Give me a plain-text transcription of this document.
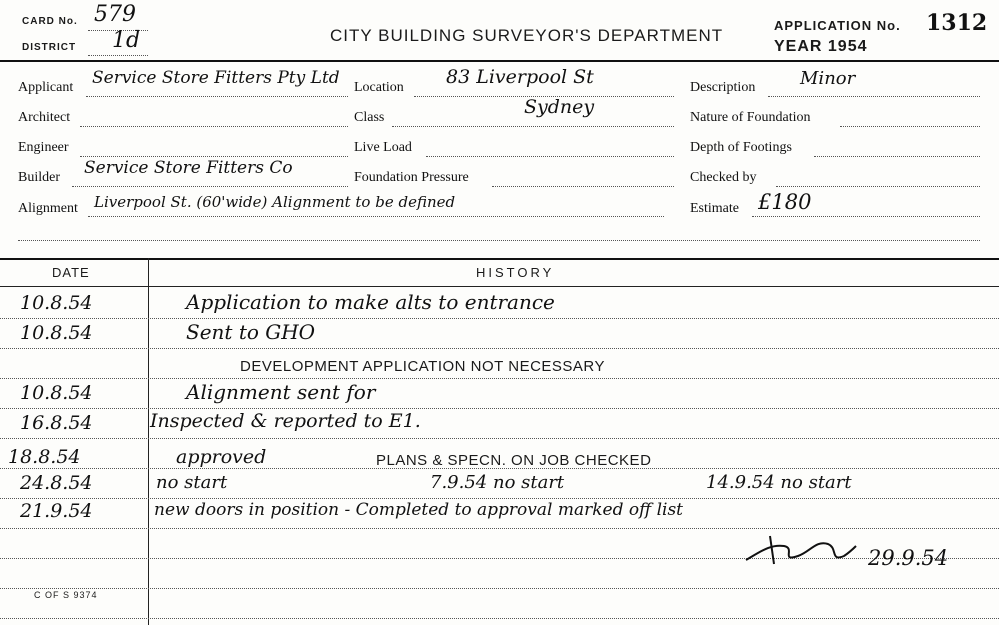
CARD No. 579
DISTRICT 1d	CITY BUILDING SURVEYOR'S DEPARTMENT
APPLICATION No. 1312
YEAR 1954
Applicant Service Store Fitters Pty Ltd
Architect
Engineer
Builder Service Store Fitters Co
Alignment Liverpool St. (60'wide) Alignment to be defined
Location 83 Liverpool St
Class	Sydney
Live Load
Foundation Pressure
Description Minor
Nature of Foundation
Depth of Footings
Checked by
Estimate £180
DATE	HISTORY
10.8.54	Application to make alts to entrance
10.8.54	Sent to GHO
DEVELOPMENT APPLICATION NOT NECESSARY
10.8.54	Alignment sent for
16.8.54	Inspected & reported to E1.
18.8.54	approved	PLANS & SPECN. ON JOB CHECKED
24.8.54	no start	7.9.54 no start	14.9.54 no start
21.9.54	new doors in position - Completed to approval marked off list
29.9.54
C OF S 9374
